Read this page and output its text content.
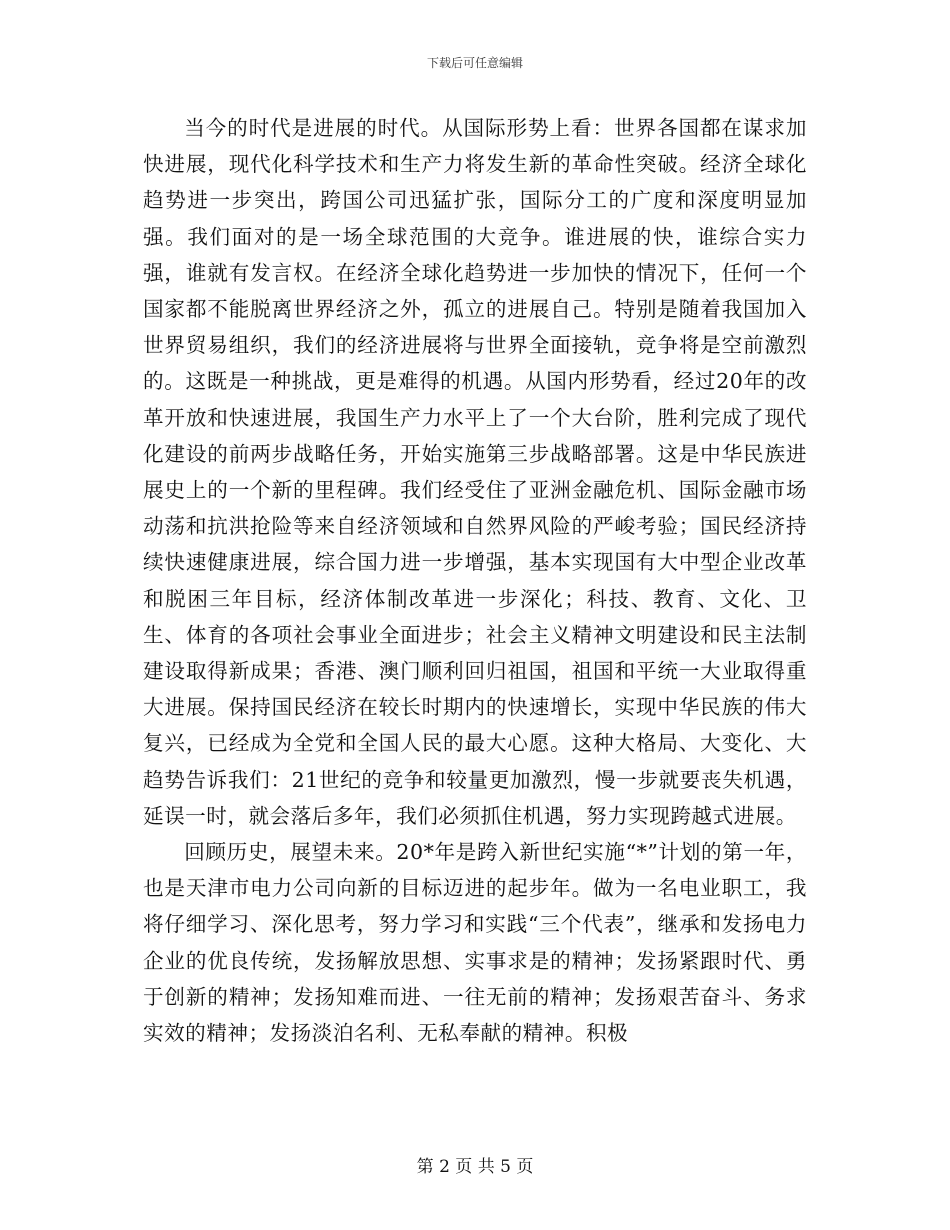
下载后可任意编辑

当今的时代是进展的时代。从国际形势上看：世界各国都在谋求加快进展，现代化科学技术和生产力将发生新的革命性突破。经济全球化趋势进一步突出，跨国公司迅猛扩张，国际分工的广度和深度明显加强。我们面对的是一场全球范围的大竞争。谁进展的快，谁综合实力强，谁就有发言权。在经济全球化趋势进一步加快的情况下，任何一个国家都不能脱离世界经济之外，孤立的进展自己。特别是随着我国加入世界贸易组织，我们的经济进展将与世界全面接轨，竞争将是空前激烈的。这既是一种挑战，更是难得的机遇。从国内形势看，经过20年的改革开放和快速进展，我国生产力水平上了一个大台阶，胜利完成了现代化建设的前两步战略任务，开始实施第三步战略部署。这是中华民族进展史上的一个新的里程碑。我们经受住了亚洲金融危机、国际金融市场动荡和抗洪抢险等来自经济领域和自然界风险的严峻考验；国民经济持续快速健康进展，综合国力进一步增强，基本实现国有大中型企业改革和脱困三年目标，经济体制改革进一步深化；科技、教育、文化、卫生、体育的各项社会事业全面进步；社会主义精神文明建设和民主法制建设取得新成果；香港、澳门顺利回归祖国，祖国和平统一大业取得重大进展。保持国民经济在较长时期内的快速增长，实现中华民族的伟大复兴，已经成为全党和全国人民的最大心愿。这种大格局、大变化、大趋势告诉我们：21世纪的竞争和较量更加激烈，慢一步就要丧失机遇，延误一时，就会落后多年，我们必须抓住机遇，努力实现跨越式进展。

回顾历史，展望未来。20*年是跨入新世纪实施“*”计划的第一年，也是天津市电力公司向新的目标迈进的起步年。做为一名电业职工，我将仔细学习、深化思考，努力学习和实践“三个代表”，继承和发扬电力企业的优良传统，发扬解放思想、实事求是的精神；发扬紧跟时代、勇于创新的精神；发扬知难而进、一往无前的精神；发扬艰苦奋斗、务求实效的精神；发扬淡泊名利、无私奉献的精神。积极

第 2 页 共 5 页
